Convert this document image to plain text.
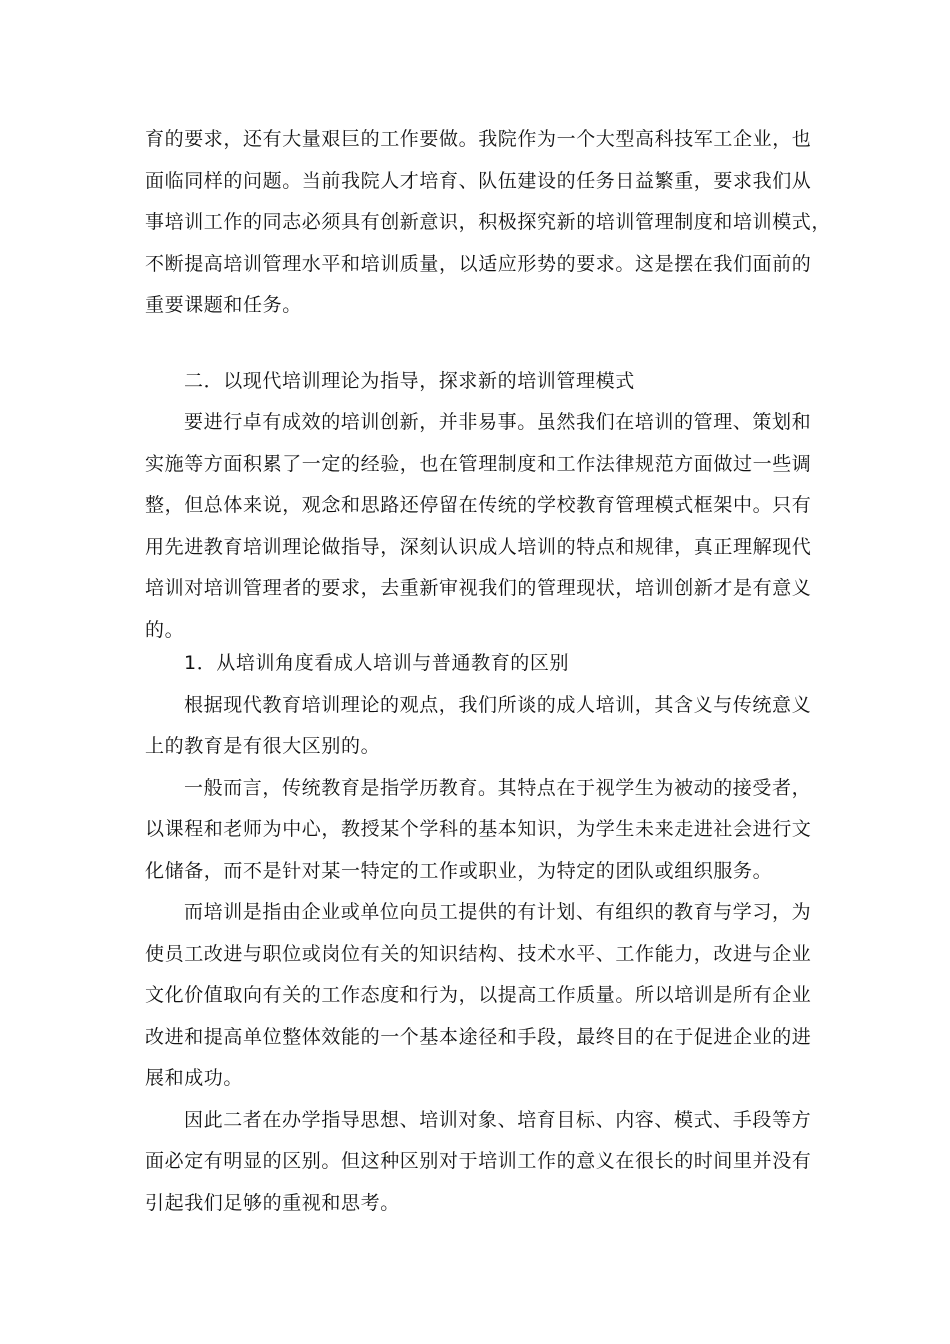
育的要求，还有大量艰巨的工作要做。我院作为一个大型高科技军工企业，也
面临同样的问题。当前我院人才培育、队伍建设的任务日益繁重，要求我们从
事培训工作的同志必须具有创新意识，积极探究新的培训管理制度和培训模式，
不断提高培训管理水平和培训质量，以适应形势的要求。这是摆在我们面前的
重要课题和任务。
二．以现代培训理论为指导，探求新的培训管理模式
要进行卓有成效的培训创新，并非易事。虽然我们在培训的管理、策划和
实施等方面积累了一定的经验，也在管理制度和工作法律规范方面做过一些调
整，但总体来说，观念和思路还停留在传统的学校教育管理模式框架中。只有
用先进教育培训理论做指导，深刻认识成人培训的特点和规律，真正理解现代
培训对培训管理者的要求，去重新审视我们的管理现状，培训创新才是有意义
的。
1．从培训角度看成人培训与普通教育的区别
根据现代教育培训理论的观点，我们所谈的成人培训，其含义与传统意义
上的教育是有很大区别的。
一般而言，传统教育是指学历教育。其特点在于视学生为被动的接受者，
以课程和老师为中心，教授某个学科的基本知识，为学生未来走进社会进行文
化储备，而不是针对某一特定的工作或职业，为特定的团队或组织服务。
而培训是指由企业或单位向员工提供的有计划、有组织的教育与学习，为
使员工改进与职位或岗位有关的知识结构、技术水平、工作能力，改进与企业
文化价值取向有关的工作态度和行为，以提高工作质量。所以培训是所有企业
改进和提高单位整体效能的一个基本途径和手段，最终目的在于促进企业的进
展和成功。
因此二者在办学指导思想、培训对象、培育目标、内容、模式、手段等方
面必定有明显的区别。但这种区别对于培训工作的意义在很长的时间里并没有
引起我们足够的重视和思考。
